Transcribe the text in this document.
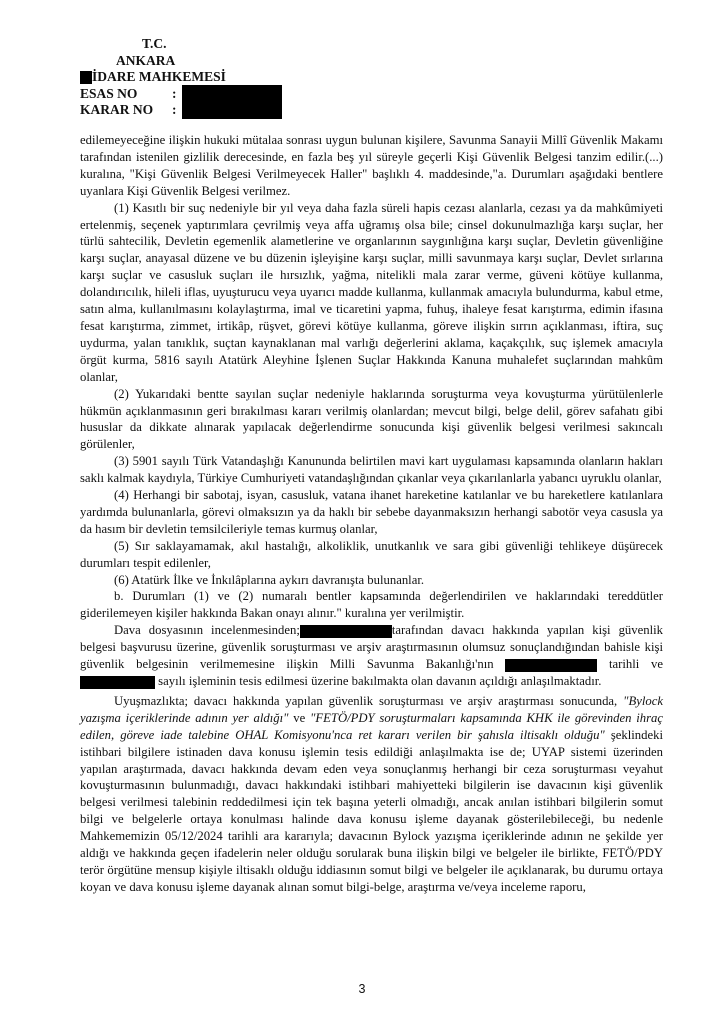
T.C.
ANKARA
İDARE MAHKEMESİ
ESAS NO	:
KARAR NO	:

edilemeyeceğine ilişkin hukuki mütalaa sonrası uygun bulunan kişilere, Savunma Sanayii Millî Güvenlik Makamı tarafından istenilen gizlilik derecesinde, en fazla beş yıl süreyle geçerli Kişi Güvenlik Belgesi tanzim edilir.(...) kuralına, "Kişi Güvenlik Belgesi Verilmeyecek Haller" başlıklı 4. maddesinde,"a. Durumları aşağıdaki bentlere uyanlara Kişi Güvenlik Belgesi verilmez.

(1) Kasıtlı bir suç nedeniyle bir yıl veya daha fazla süreli hapis cezası alanlarla, cezası ya da mahkûmiyeti ertelenmiş, seçenek yaptırımlara çevrilmiş veya affa uğramış olsa bile; cinsel dokunulmazlığa karşı suçlar, her türlü sahtecilik, Devletin egemenlik alametlerine ve organlarının saygınlığına karşı suçlar, Devletin güvenliğine karşı suçlar, anayasal düzene ve bu düzenin işleyişine karşı suçlar, milli savunmaya karşı suçlar, Devlet sırlarına karşı suçlar ve casusluk suçları ile hırsızlık, yağma, nitelikli mala zarar verme, güveni kötüye kullanma, dolandırıcılık, hileli iflas, uyuşturucu veya uyarıcı madde kullanma, kullanmak amacıyla bulundurma, kabul etme, satın alma, kullanılmasını kolaylaştırma, imal ve ticaretini yapma, fuhuş, ihaleye fesat karıştırma, edimin ifasına fesat karıştırma, zimmet, irtikâp, rüşvet, görevi kötüye kullanma, göreve ilişkin sırrın açıklanması, iftira, suç uydurma, yalan tanıklık, suçtan kaynaklanan mal varlığı değerlerini aklama, kaçakçılık, suç işlemek amacıyla örgüt kurma, 5816 sayılı Atatürk Aleyhine İşlenen Suçlar Hakkında Kanuna muhalefet suçlarından mahkûm olanlar,

(2) Yukarıdaki bentte sayılan suçlar nedeniyle haklarında soruşturma veya kovuşturma yürütülenlerle hükmün açıklanmasının geri bırakılması kararı verilmiş olanlardan; mevcut bilgi, belge delil, görev safahatı gibi hususlar da dikkate alınarak yapılacak değerlendirme sonucunda kişi güvenlik belgesi verilmesi sakıncalı görülenler,

(3) 5901 sayılı Türk Vatandaşlığı Kanununda belirtilen mavi kart uygulaması kapsamında olanların hakları saklı kalmak kaydıyla, Türkiye Cumhuriyeti vatandaşlığından çıkanlar veya çıkarılanlarla yabancı uyruklu olanlar,

(4) Herhangi bir sabotaj, isyan, casusluk, vatana ihanet hareketine katılanlar ve bu hareketlere katılanlara yardımda bulunanlarla, görevi olmaksızın ya da haklı bir sebebe dayanmaksızın herhangi sabotör veya casusla ya da hasım bir devletin temsilcileriyle temas kurmuş olanlar,

(5) Sır saklayamamak, akıl hastalığı, alkoliklik, unutkanlık ve sara gibi güvenliği tehlikeye düşürecek durumları tespit edilenler,

(6) Atatürk İlke ve İnkılâplarına aykırı davranışta bulunanlar.

b. Durumları (1) ve (2) numaralı bentler kapsamında değerlendirilen ve haklarındaki tereddütler giderilemeyen kişiler hakkında Bakan onayı alınır." kuralına yer verilmiştir.

Dava dosyasının incelenmesinden;	tarafından davacı hakkında yapılan kişi güvenlik belgesi başvurusu üzerine, güvenlik soruşturması ve arşiv araştırmasının olumsuz sonuçlandığından bahisle kişi güvenlik belgesinin verilmemesine ilişkin Milli Savunma Bakanlığı'nın	tarihli ve  sayılı işleminin tesis edilmesi üzerine bakılmakta olan davanın açıldığı anlaşılmaktadır.

Uyuşmazlıkta; davacı hakkında yapılan güvenlik soruşturması ve arşiv araştırması sonucunda, "Bylock yazışma içeriklerinde adının yer aldığı" ve "FETÖ/PDY soruşturmaları kapsamında KHK ile görevinden ihraç edilen, göreve iade talebine OHAL Komisyonu'nca ret kararı verilen bir şahısla iltisaklı olduğu" şeklindeki istihbari bilgilere istinaden dava konusu işlemin tesis edildiği anlaşılmakta ise de; UYAP sistemi üzerinden yapılan araştırmada, davacı hakkında devam eden veya sonuçlanmış herhangi bir ceza soruşturması veyahut kovuşturmasının bulunmadığı, davacı hakkındaki istihbari mahiyetteki bilgilerin ise davacının kişi güvenlik belgesi verilmesi talebinin reddedilmesi için tek başına yeterli olmadığı, ancak anılan istihbari bilgilerin somut bilgi ve belgelerle ortaya konulması halinde dava konusu işleme dayanak gösterilebileceği, bu nedenle Mahkememizin 05/12/2024 tarihli ara kararıyla; davacının Bylock yazışma içeriklerinde adının ne şekilde yer aldığı ve hakkında geçen ifadelerin neler olduğu sorularak buna ilişkin bilgi ve belgeler ile birlikte, FETÖ/PDY terör örgütüne mensup kişiyle iltisaklı olduğu iddiasının somut bilgi ve belgeler ile açıklanarak, bu durumu ortaya koyan ve dava konusu işleme dayanak alınan somut bilgi-belge, araştırma ve/veya inceleme raporu,

3
